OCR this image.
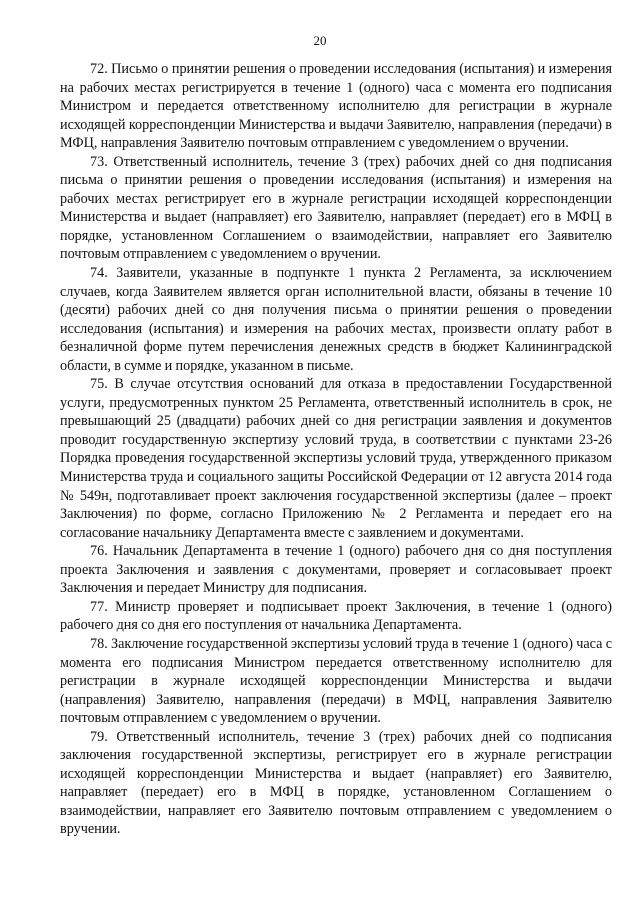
20

72. Письмо о принятии решения о проведении исследования (испытания) и измерения на рабочих местах регистрируется в течение 1 (одного) часа с момента его подписания Министром и передается ответственному исполнителю для регистрации в журнале исходящей корреспонденции Министерства и выдачи Заявителю, направления (передачи) в МФЦ, направления Заявителю почтовым отправлением с уведомлением о вручении.

73. Ответственный исполнитель, течение 3 (трех) рабочих дней со дня подписания письма о принятии решения о проведении исследования (испытания) и измерения на рабочих местах регистрирует его в журнале регистрации исходящей корреспонденции Министерства и выдает (направляет) его Заявителю, направляет (передает) его в МФЦ в порядке, установленном Соглашением о взаимодействии, направляет его Заявителю почтовым отправлением с уведомлением о вручении.

74. Заявители, указанные в подпункте 1 пункта 2 Регламента, за исключением случаев, когда Заявителем является орган исполнительной власти, обязаны в течение 10 (десяти) рабочих дней со дня получения письма о принятии решения о проведении исследования (испытания) и измерения на рабочих местах, произвести оплату работ в безналичной форме путем перечисления денежных средств в бюджет Калининградской области, в сумме и порядке, указанном в письме.

75. В случае отсутствия оснований для отказа в предоставлении Государственной услуги, предусмотренных пунктом 25 Регламента, ответственный исполнитель в срок, не превышающий 25 (двадцати) рабочих дней со дня регистрации заявления и документов проводит государственную экспертизу условий труда, в соответствии с пунктами 23-26 Порядка проведения государственной экспертизы условий труда, утвержденного приказом Министерства труда и социального защиты Российской Федерации от 12 августа 2014 года № 549н, подготавливает проект заключения государственной экспертизы (далее – проект Заключения) по форме, согласно Приложению № 2 Регламента и передает его на согласование начальнику Департамента вместе с заявлением и документами.

76. Начальник Департамента в течение 1 (одного) рабочего дня со дня поступления проекта Заключения и заявления с документами, проверяет и согласовывает проект Заключения и передает Министру для подписания.

77. Министр проверяет и подписывает проект Заключения, в течение 1 (одного) рабочего дня со дня его поступления от начальника Департамента.

78. Заключение государственной экспертизы условий труда в течение 1 (одного) часа с момента его подписания Министром передается ответственному исполнителю для регистрации в журнале исходящей корреспонденции Министерства и выдачи (направления) Заявителю, направления (передачи) в МФЦ, направления Заявителю почтовым отправлением с уведомлением о вручении.

79. Ответственный исполнитель, течение 3 (трех) рабочих дней со подписания заключения государственной экспертизы, регистрирует его в журнале регистрации исходящей корреспонденции Министерства и выдает (направляет) его Заявителю, направляет (передает) его в МФЦ в порядке, установленном Соглашением о взаимодействии, направляет его Заявителю почтовым отправлением с уведомлением о вручении.
